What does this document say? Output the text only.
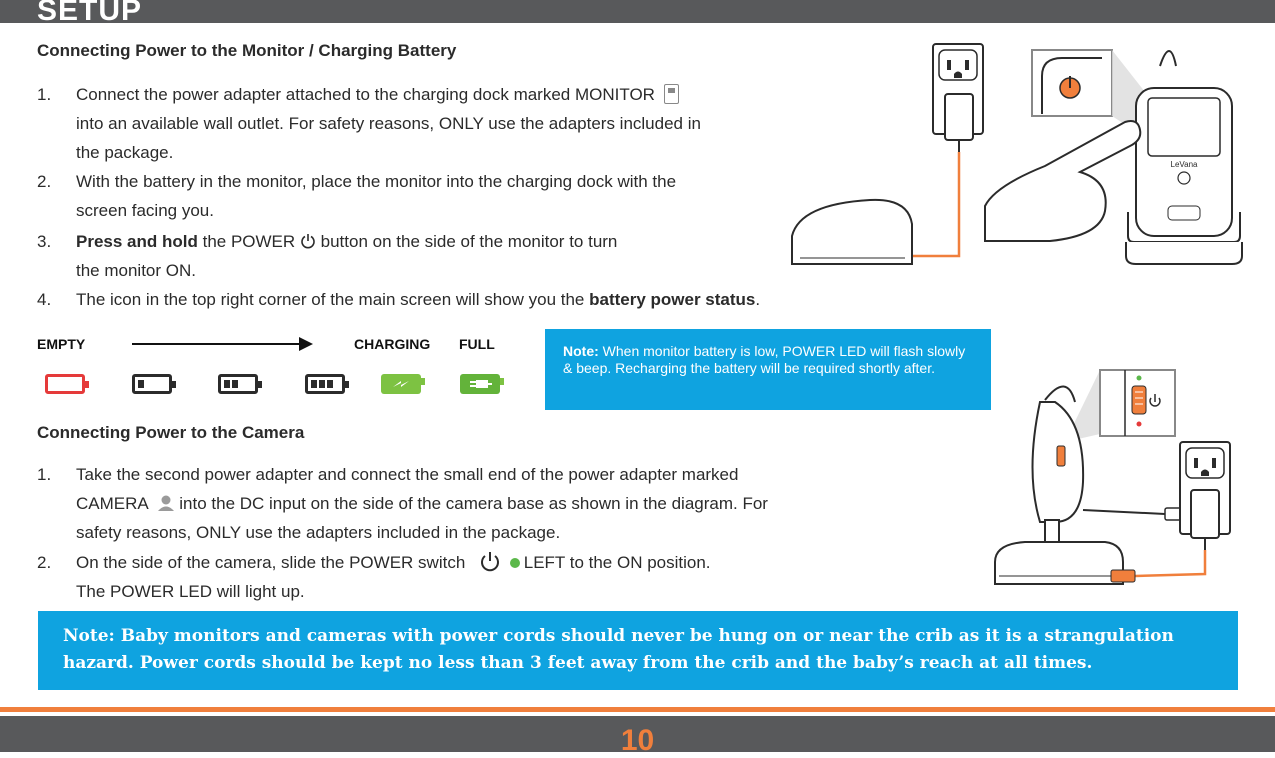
SETUP
Connecting Power to the Monitor / Charging Battery
1. Connect the power adapter attached to the charging dock marked MONITOR
into an available wall outlet. For safety reasons, ONLY use the adapters included in
the package.
2. With the battery in the monitor, place the monitor into the charging dock with the
screen facing you.
3. Press and hold the POWER  button on the side of the monitor to turn
the monitor ON.
4. The icon in the top right corner of the main screen will show you the battery power status.
EMPTY	CHARGING FULL	Note: When monitor battery is low, POWER LED will flash slowly & beep. Recharging the battery will be required shortly after.
Connecting Power to the Camera
1. Take the second power adapter and connect the small end of the power adapter marked
CAMERA  into the DC input on the side of the camera base as shown in the diagram. For
safety reasons, ONLY use the adapters included in the package.
2. On the side of the camera, slide the POWER switch	LEFT to the ON position.
The POWER LED will light up.
LeVana
Note: Baby monitors and cameras with power cords should never be hung on or near the crib as it is a strangulation hazard. Power cords should be kept no less than 3 feet away from the crib and the baby’s reach at all times.
10
